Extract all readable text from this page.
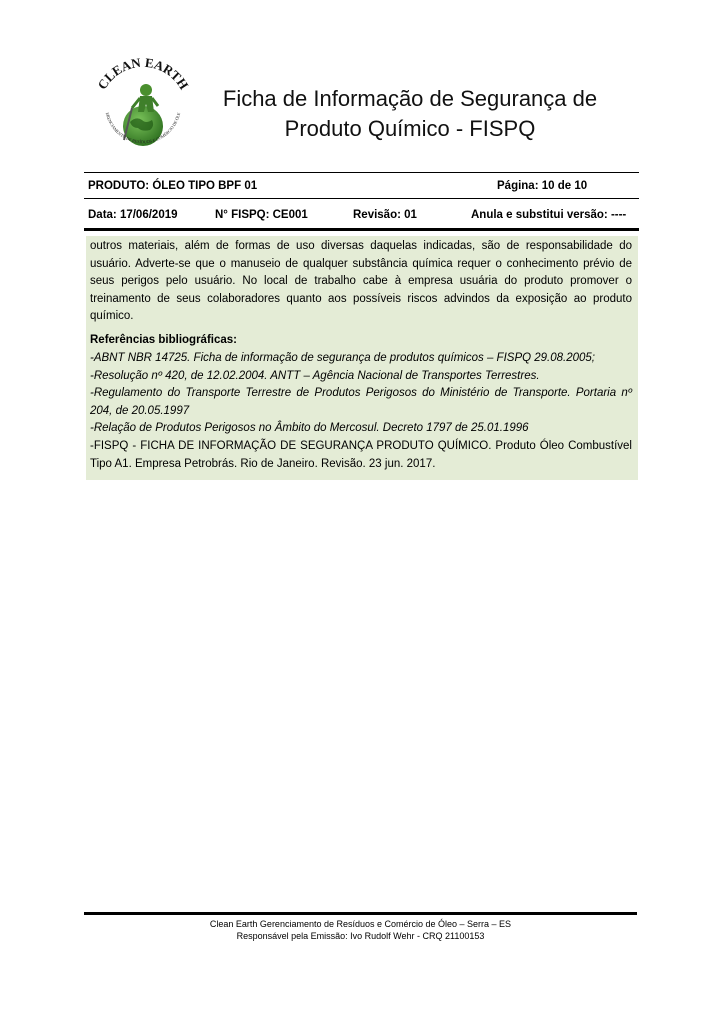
CLEAN EARTH
ERENCIAMENTO DE RESÍDUOS E COMÉRCIO DE ÓLE
Ficha de Informação de Segurança de
Produto Químico - FISPQ
PRODUTO: ÓLEO TIPO BPF 01	Página: 10 de 10
Data: 17/06/2019	N° FISPQ: CE001	Revisão: 01	Anula e substitui versão: ----

outros materiais, além de formas de uso diversas daquelas indicadas, são de responsabilidade do usuário. Adverte-se que o manuseio de qualquer substância química requer o conhecimento prévio de seus perigos pelo usuário. No local de trabalho cabe à empresa usuária do produto promover o treinamento de seus colaboradores quanto aos possíveis riscos advindos da exposição ao produto químico.

Referências bibliográficas:

-ABNT NBR 14725. Ficha de informação de segurança de produtos químicos – FISPQ 29.08.2005;
-Resolução nº 420, de 12.02.2004. ANTT – Agência Nacional de Transportes Terrestres.
-Regulamento do Transporte Terrestre de Produtos Perigosos do Ministério de Transporte. Portaria nº 204, de 20.05.1997
-Relação de Produtos Perigosos no Âmbito do Mercosul. Decreto 1797 de 25.01.1996
-FISPQ - FICHA DE INFORMAÇÃO DE SEGURANÇA PRODUTO QUÍMICO. Produto Óleo Combustível Tipo A1. Empresa Petrobrás. Rio de Janeiro. Revisão. 23 jun. 2017.
Clean Earth Gerenciamento de Resíduos e Comércio de Óleo – Serra – ES
Responsável pela Emissão: Ivo Rudolf Wehr - CRQ 21100153
